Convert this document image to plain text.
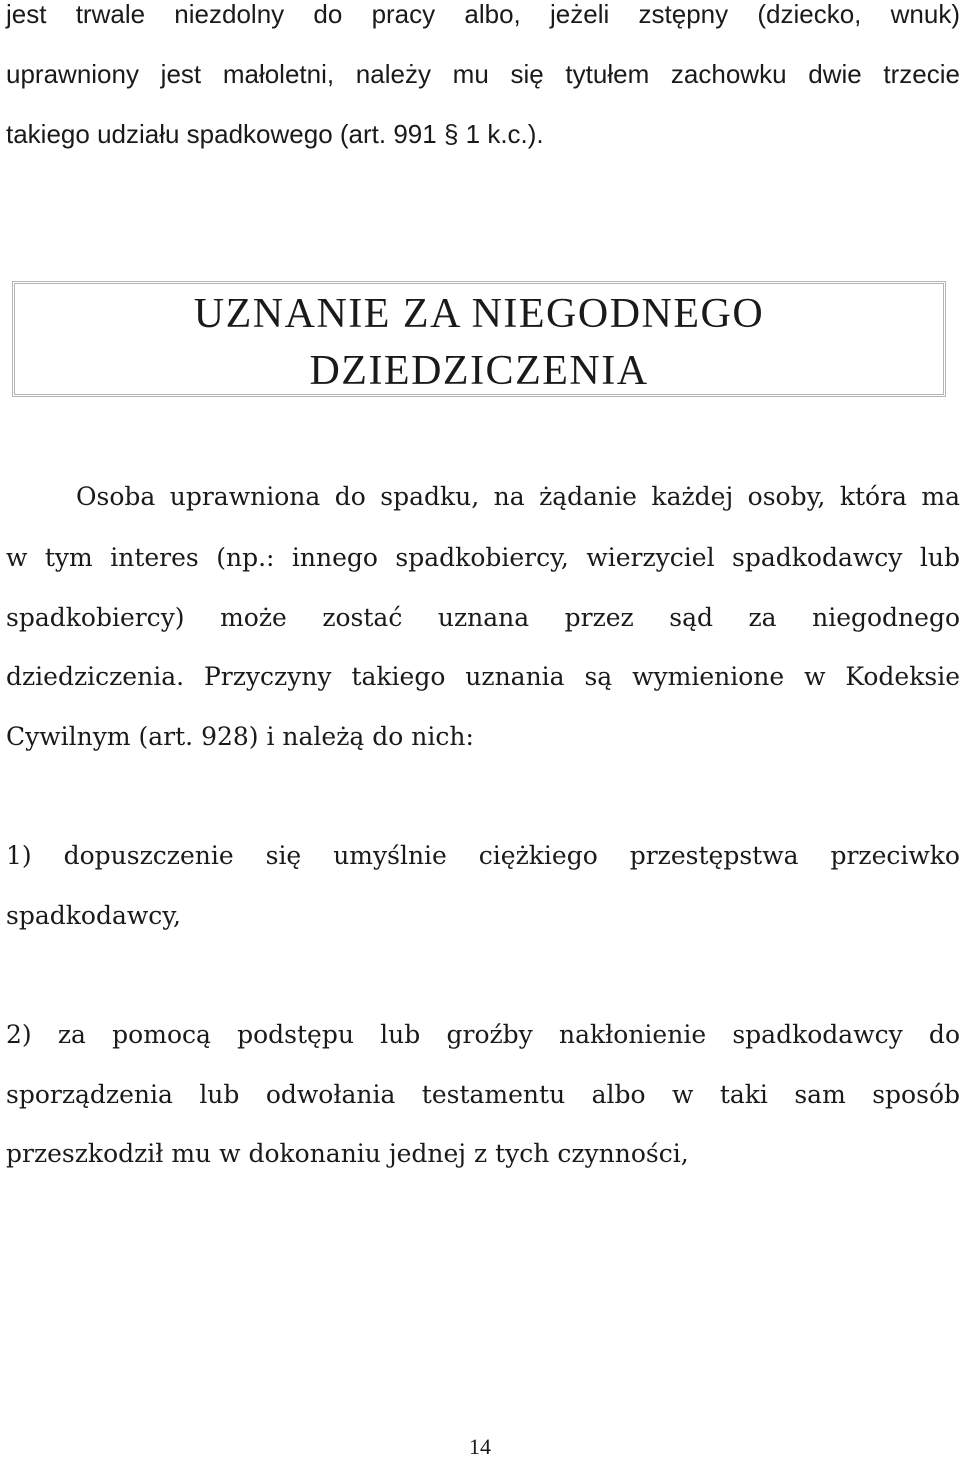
jest trwale niezdolny do pracy albo, jeżeli zstępny (dziecko, wnuk)

uprawniony jest małoletni, należy mu się tytułem zachowku dwie trzecie

takiego udziału spadkowego (art. 991 § 1 k.c.).

UZNANIE ZA NIEGODNEGO

DZIEDZICZENIA

Osoba uprawniona do spadku, na żądanie każdej osoby, która ma

w tym interes (np.: innego spadkobiercy, wierzyciel spadkodawcy lub

spadkobiercy) może zostać uznana przez sąd za niegodnego

dziedziczenia. Przyczyny takiego uznania są wymienione w Kodeksie

Cywilnym (art. 928) i należą do nich:

1) dopuszczenie się umyślnie ciężkiego przestępstwa przeciwko

spadkodawcy,

2) za pomocą podstępu lub groźby nakłonienie spadkodawcy do

sporządzenia lub odwołania testamentu albo w taki sam sposób

przeszkodził mu w dokonaniu jednej z tych czynności,

14
